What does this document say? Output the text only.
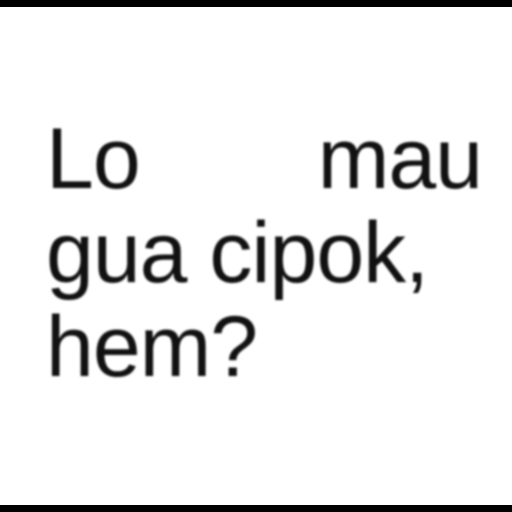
Lo mau
gua cipok,
hem?
